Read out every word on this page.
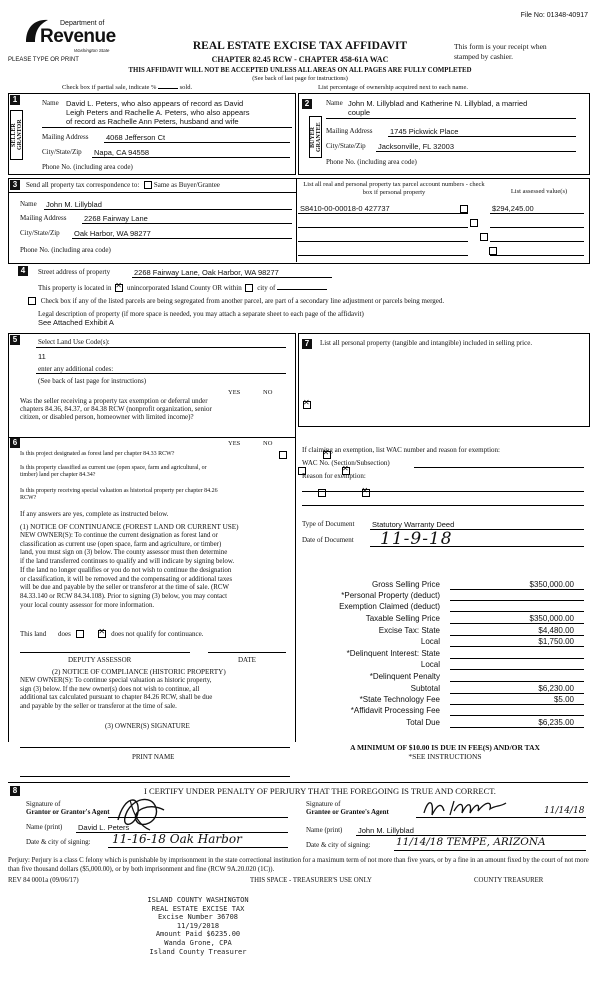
File No: 01348-40917
Department of
Revenue
Washington State
PLEASE TYPE OR PRINT
REAL ESTATE EXCISE TAX AFFIDAVIT
CHAPTER 82.45 RCW - CHAPTER 458-61A WAC
This form is your receipt when stamped by cashier.
THIS AFFIDAVIT WILL NOT BE ACCEPTED UNLESS ALL AREAS ON ALL PAGES ARE FULLY COMPLETED
(See back of last page for instructions)
Check box if partial sale, indicate %	sold.	List percentage of ownership acquired next to each name.
1
SELLER GRANTOR
Name David L. Peters, who also appears of record as David
Leigh Peters and Rachelle A. Peters, who also appears
of record as Rachelle Ann Peters, husband and wife
Mailing Address 4068 Jefferson Ct
City/State/Zip Napa, CA 94558
Phone No. (including area code)
2
BUYER GRANTEE
Name John M. Lillyblad and Katherine N. Lillyblad, a married
couple
Mailing Address 1745 Pickwick Place
City/State/Zip Jacksonville, FL 32003
Phone No. (including area code)
3	Send all property tax correspondence to: Same as Buyer/Grantee
Name John M. Lillyblad
Mailing Address 2268 Fairway Lane
City/State/Zip Oak Harbor, WA 98277
Phone No. (including area code)
List all real and personal property tax parcel account numbers - check box if personal property	List assessed value(s)
S8410-00-00018-0 427737	$294,245.00

4	Street address of property	2268 Fairway Lane, Oak Harbor, WA 98277
This property is located in ✕ unincorporated Island County OR within city of
Check box if any of the listed parcels are being segregated from another parcel, are part of a secondary line adjustment or parcels being merged.
Legal description of property (if more space is needed, you may attach a separate sheet to each page of the affidavit)
See Attached Exhibit A
5	Select Land Use Code(s):
11
enter any additional codes:
(See back of last page for instructions)
YES	NO
Was the seller receiving a property tax exemption or deferral under chapters 84.36, 84.37, or 84.38 RCW (nonprofit organization, senior citizen, or disabled person, homeowner with limited income)?
✕
6	YES	NO
Is this project designated as forest land per chapter 84.33 RCW?
✕
Is this property classified as current use (open space, farm and agricultural, or timber) land per chapter 84.34?
✕
Is this property receiving special valuation as historical property per chapter 84.26 RCW?
✕
If any answers are yes, complete as instructed below.
(1) NOTICE OF CONTINUANCE (FOREST LAND OR CURRENT USE)
NEW OWNER(S): To continue the current designation as forest land or
classification as current use (open space, farm and agriculture, or timber)
land, you must sign on (3) below. The county assessor must then determine
if the land transferred continues to qualify and will indicate by signing below.
If the land no longer qualifies or you do not wish to continue the designation
or classification, it will be removed and the compensating or additional taxes
will be due and payable by the seller or transferor at the time of sale. (RCW
84.33.140 or RCW 84.34.108). Prior to signing (3) below, you may contact
your local county assessor for more information.
This land does ✕	does not qualify for continuance.
DEPUTY ASSESSOR	DATE
(2) NOTICE OF COMPLIANCE (HISTORIC PROPERTY)
NEW OWNER(S): To continue special valuation as historic property,
sign (3) below. If the new owner(s) does not wish to continue, all
additional tax calculated pursuant to chapter 84.26 RCW, shall be due
and payable by the seller or transferor at the time of sale.
(3) OWNER(S) SIGNATURE
PRINT NAME
7	List all personal property (tangible and intangible) included in selling price.
If claiming an exemption, list WAC number and reason for exemption:
WAC No. (Section/Subsection)
Reason for exemption:
Type of Document Statutory Warranty Deed
Date of Document 11-9-18
Gross Selling Price	$350,000.00
*Personal Property (deduct)
Exemption Claimed (deduct)
Taxable Selling Price	$350,000.00
Excise Tax: State	$4,480.00
Local	$1,750.00
*Delinquent Interest: State
Local
*Delinquent Penalty
Subtotal	$6,230.00
*State Technology Fee	$5.00
*Affidavit Processing Fee
Total Due	$6,235.00
A MINIMUM OF $10.00 IS DUE IN FEE(S) AND/OR TAX
*SEE INSTRUCTIONS
8	I CERTIFY UNDER PENALTY OF PERJURY THAT THE FOREGOING IS TRUE AND CORRECT.
Signature of
Grantor or Grantor's Agent
Name (print) David L. Peters
Date & city of signing: 11-16-18 Oak Harbor
Signature of
Grantee or Grantee's Agent	11/14/18
Name (print) John M. Lillyblad
Date & city of signing: 11/14/18 TEMPE, ARIZONA
Perjury: Perjury is a class C felony which is punishable by imprisonment in the state correctional institution for a maximum term of not more than five years, or by a fine in an amount fixed by the court of not more than five thousand dollars ($5,000.00), or by both imprisonment and fine (RCW 9A.20.020 (1C)).
REV 84 0001a (09/06/17)	THIS SPACE - TREASURER'S USE ONLY	COUNTY TREASURER
ISLAND COUNTY WASHINGTON
REAL ESTATE EXCISE TAX
Excise Number 36708
11/19/2018
Amount Paid $6235.00
Wanda Grone, CPA
Island County Treasurer
